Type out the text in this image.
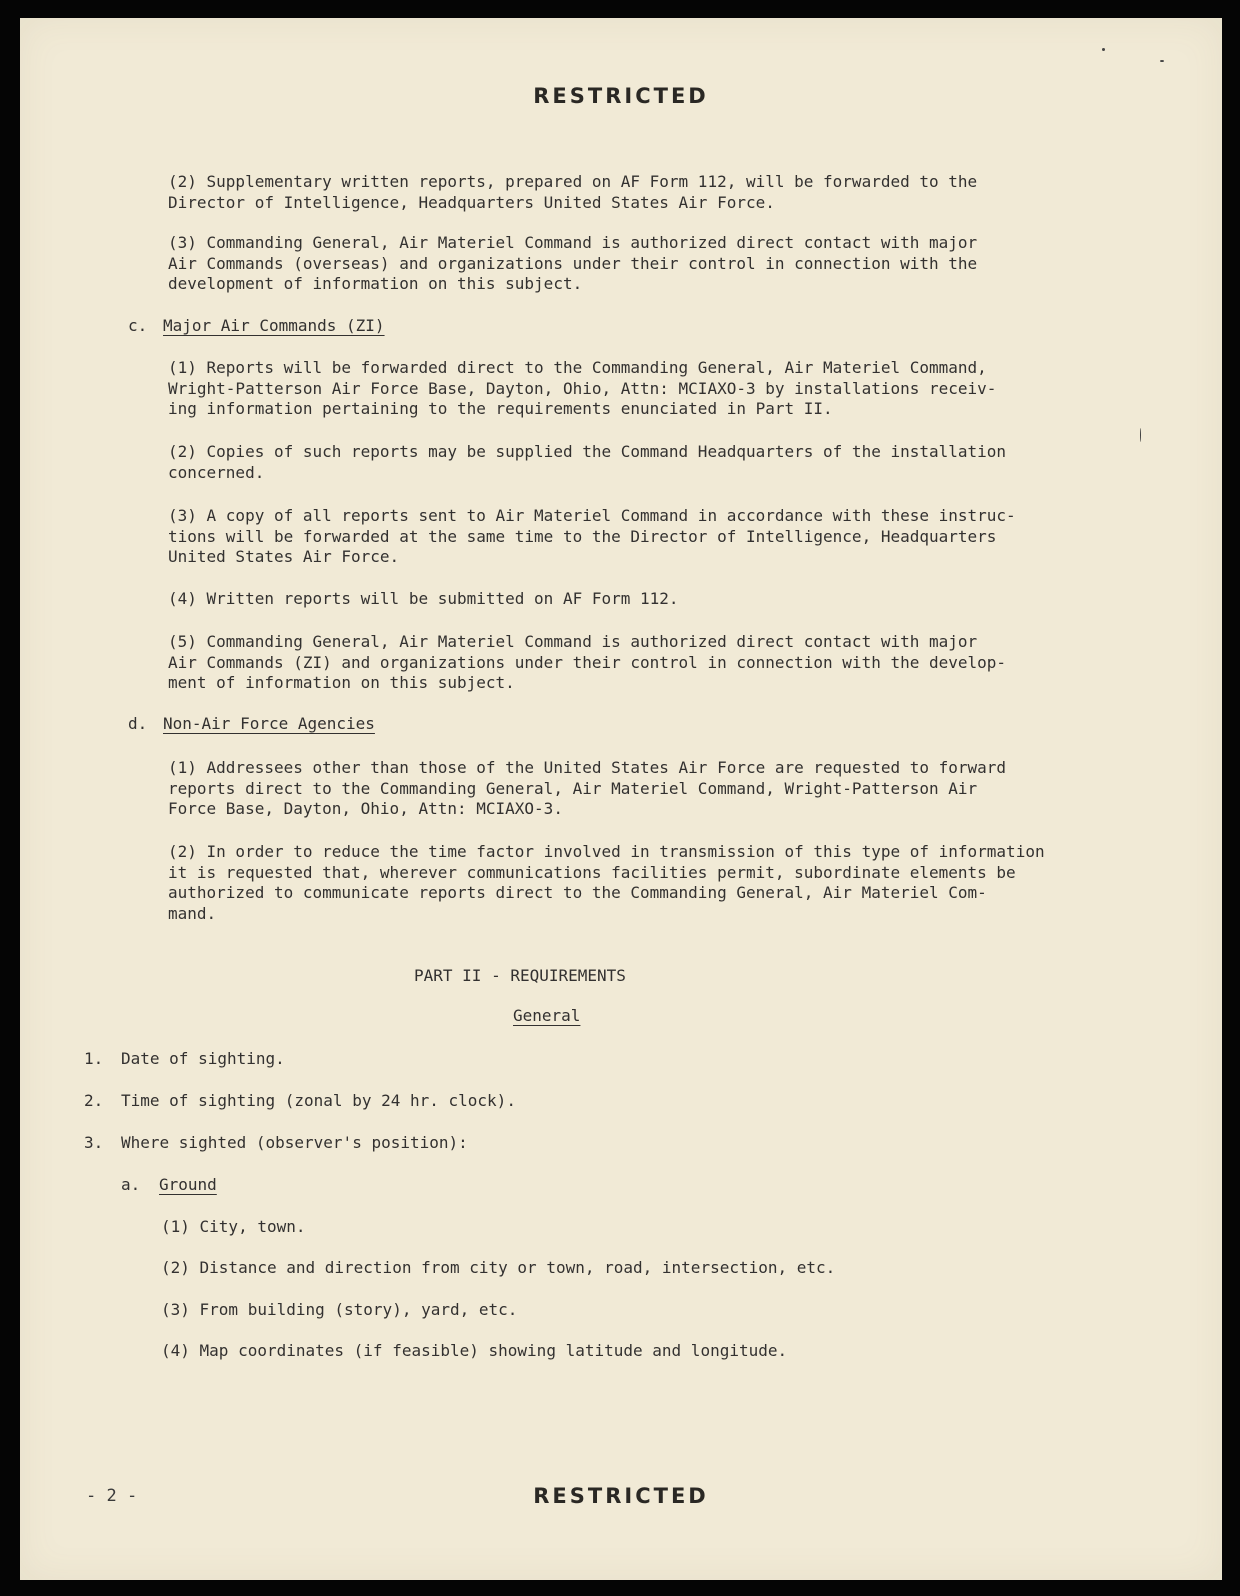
RESTRICTED
(2) Supplementary written reports, prepared on AF Form 112, will be forwarded to the
Director of Intelligence, Headquarters United States Air Force.
(3) Commanding General, Air Materiel Command is authorized direct contact with major
Air Commands (overseas) and organizations under their control in connection with the
development of information on this subject.
c. Major Air Commands (ZI)
(1) Reports will be forwarded direct to the Commanding General, Air Materiel Command,
Wright-Patterson Air Force Base, Dayton, Ohio, Attn: MCIAXO-3 by installations receiv-
ing information pertaining to the requirements enunciated in Part II.
(2) Copies of such reports may be supplied the Command Headquarters of the installation
concerned.
(3) A copy of all reports sent to Air Materiel Command in accordance with these instruc-
tions will be forwarded at the same time to the Director of Intelligence, Headquarters
United States Air Force.
(4) Written reports will be submitted on AF Form 112.
(5) Commanding General, Air Materiel Command is authorized direct contact with major
Air Commands (ZI) and organizations under their control in connection with the develop-
ment of information on this subject.
d. Non-Air Force Agencies
(1) Addressees other than those of the United States Air Force are requested to forward
reports direct to the Commanding General, Air Materiel Command, Wright-Patterson Air
Force Base, Dayton, Ohio, Attn: MCIAXO-3.
(2) In order to reduce the time factor involved in transmission of this type of information
it is requested that, wherever communications facilities permit, subordinate elements be
authorized to communicate reports direct to the Commanding General, Air Materiel Com-
mand.
PART II - REQUIREMENTS
General
1. Date of sighting.
2. Time of sighting (zonal by 24 hr. clock).
3. Where sighted (observer's position):
a. Ground
(1) City, town.
(2) Distance and direction from city or town, road, intersection, etc.
(3) From building (story), yard, etc.
(4) Map coordinates (if feasible) showing latitude and longitude.
- 2 -	RESTRICTED
